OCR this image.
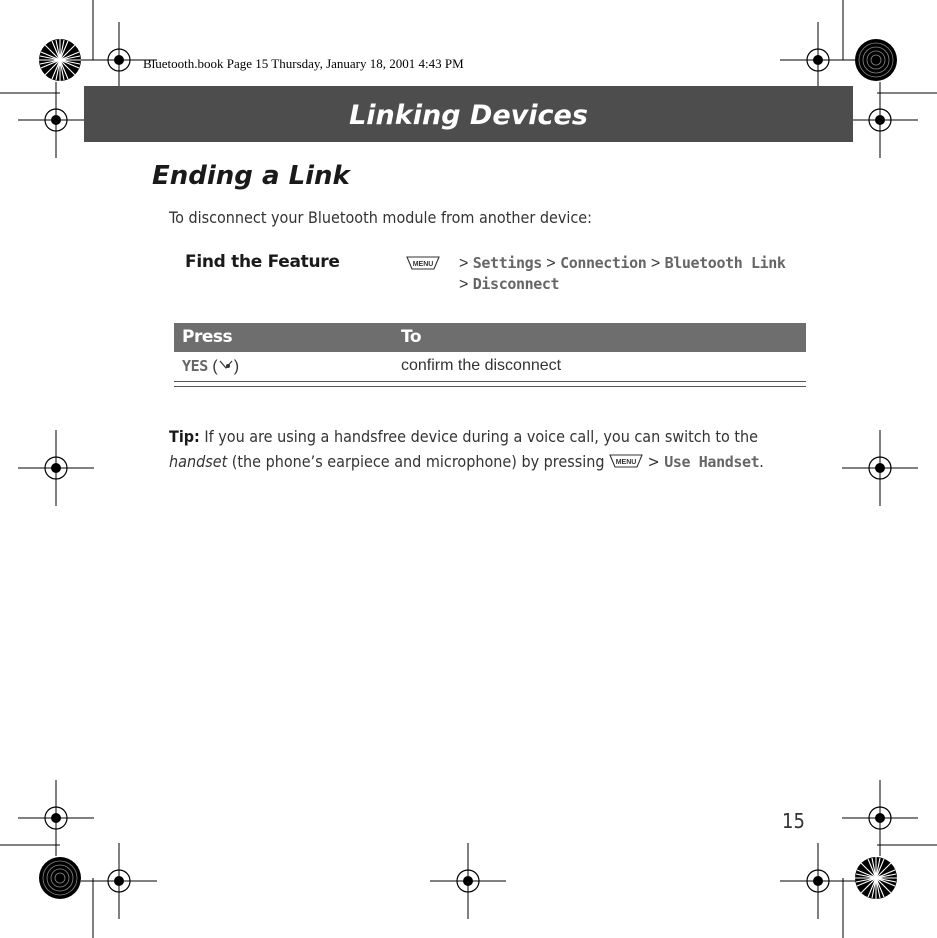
Bluetooth.book Page 15 Thursday, January 18, 2001 4:43 PM
Linking Devices
Ending a Link
To disconnect your Bluetooth module from another device:
Find the Feature	MENU > Settings > Connection > Bluetooth Link
> Disconnect
Press	To
YES ( )	confirm the disconnect
Tip: If you are using a handsfree device during a voice call, you can switch to the handset (the phone’s earpiece and microphone) by pressing MENU > Use Handset.
15
